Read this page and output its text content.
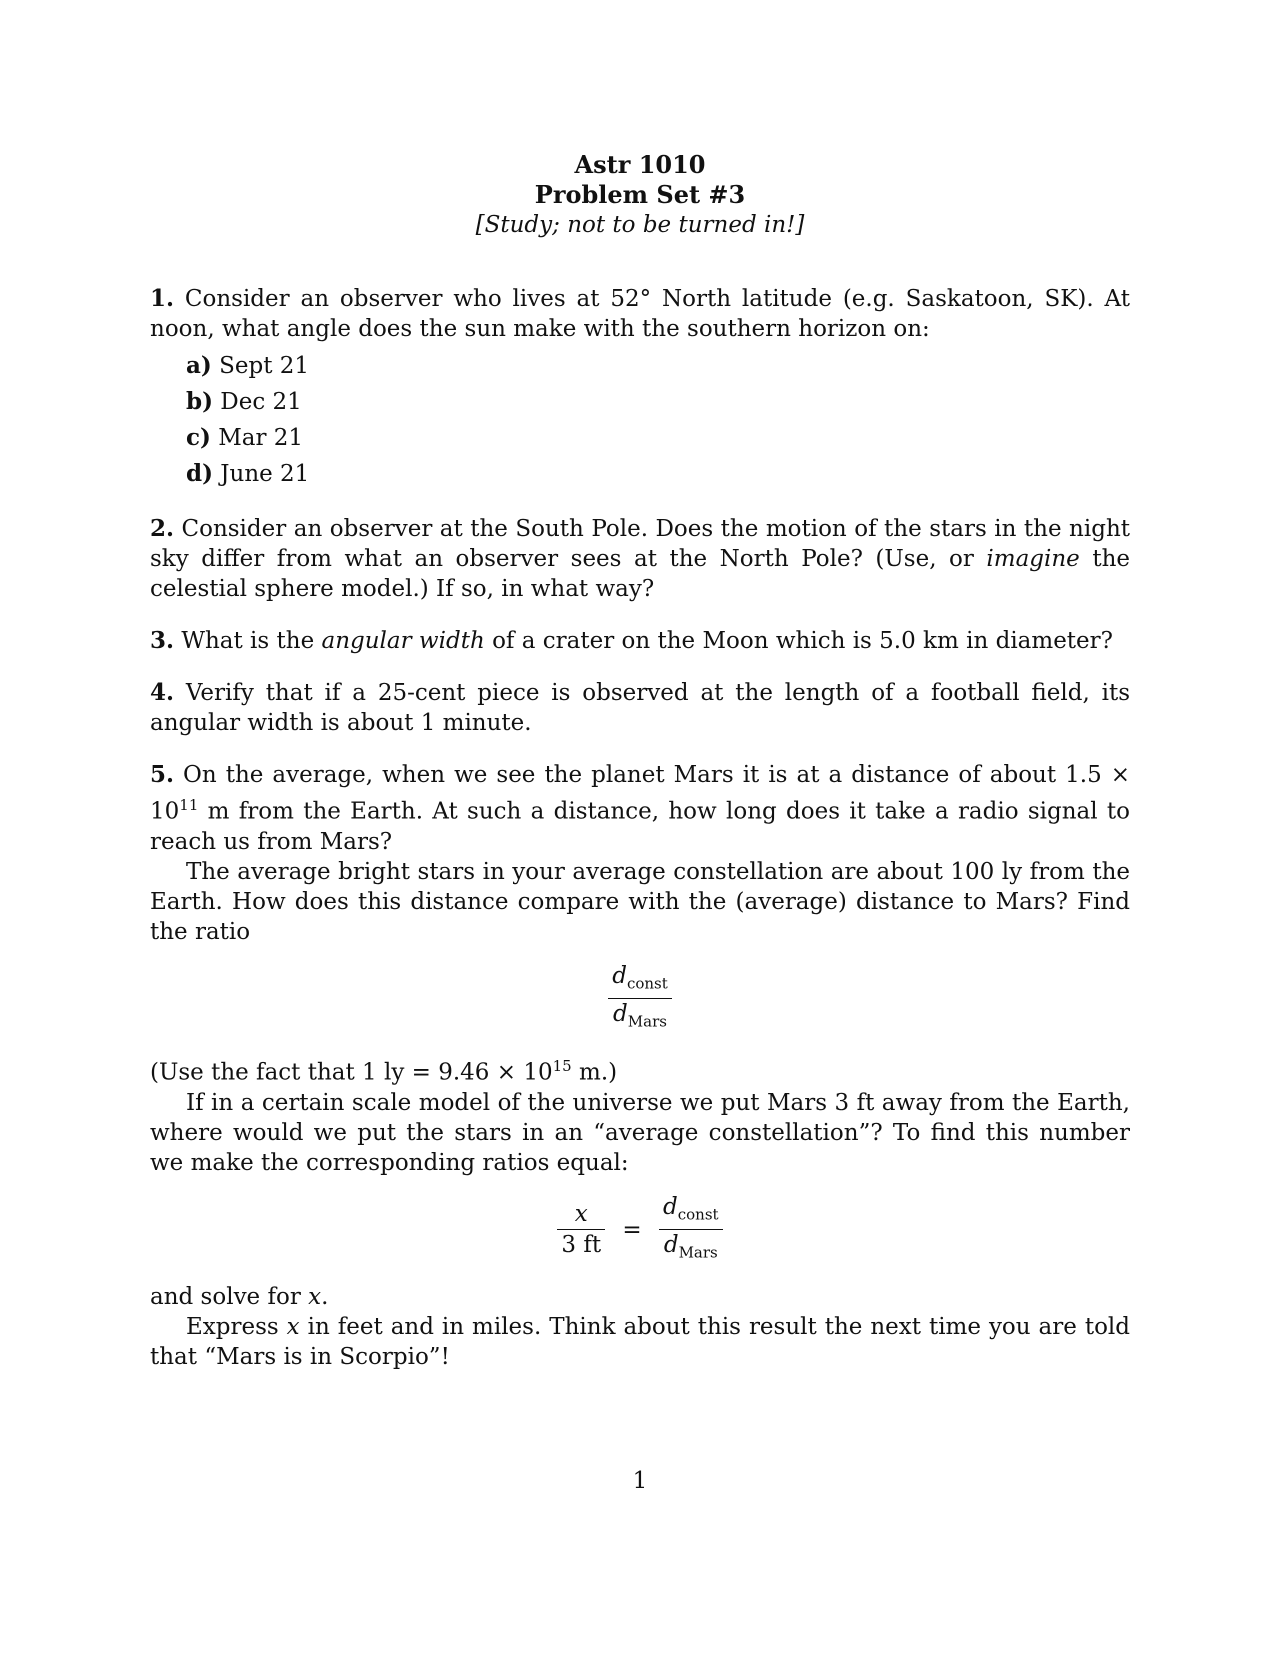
Astr 1010
Problem Set #3
[Study; not to be turned in!]

1. Consider an observer who lives at 52° North latitude (e.g. Saskatoon, SK). At noon, what angle does the sun make with the southern horizon on:

a) Sept 21
b) Dec 21
c) Mar 21
d) June 21

2. Consider an observer at the South Pole. Does the motion of the stars in the night sky differ from what an observer sees at the North Pole? (Use, or imagine the celestial sphere model.) If so, in what way?

3. What is the angular width of a crater on the Moon which is 5.0 km in diameter?

4. Verify that if a 25-cent piece is observed at the length of a football field, its angular width is about 1 minute.

5. On the average, when we see the planet Mars it is at a distance of about $1.5 \times 10^{11}$ m from the Earth. At such a distance, how long does it take a radio signal to reach us from Mars?

The average bright stars in your average constellation are about 100 ly from the Earth. How does this distance compare with the (average) distance to Mars? Find the ratio

$\frac{d_{const}}{d_{Mars}}$

(Use the fact that 1 ly = $9.46 \times 10^{15}$ m.)

If in a certain scale model of the universe we put Mars 3 ft away from the Earth, where would we put the stars in an “average constellation”? To find this number we make the corresponding ratios equal:

$\frac{x}{3 ft} = \frac{d_{const}}{d_{Mars}}$

and solve for x.

Express x in feet and in miles. Think about this result the next time you are told that “Mars is in Scorpio”!

1
